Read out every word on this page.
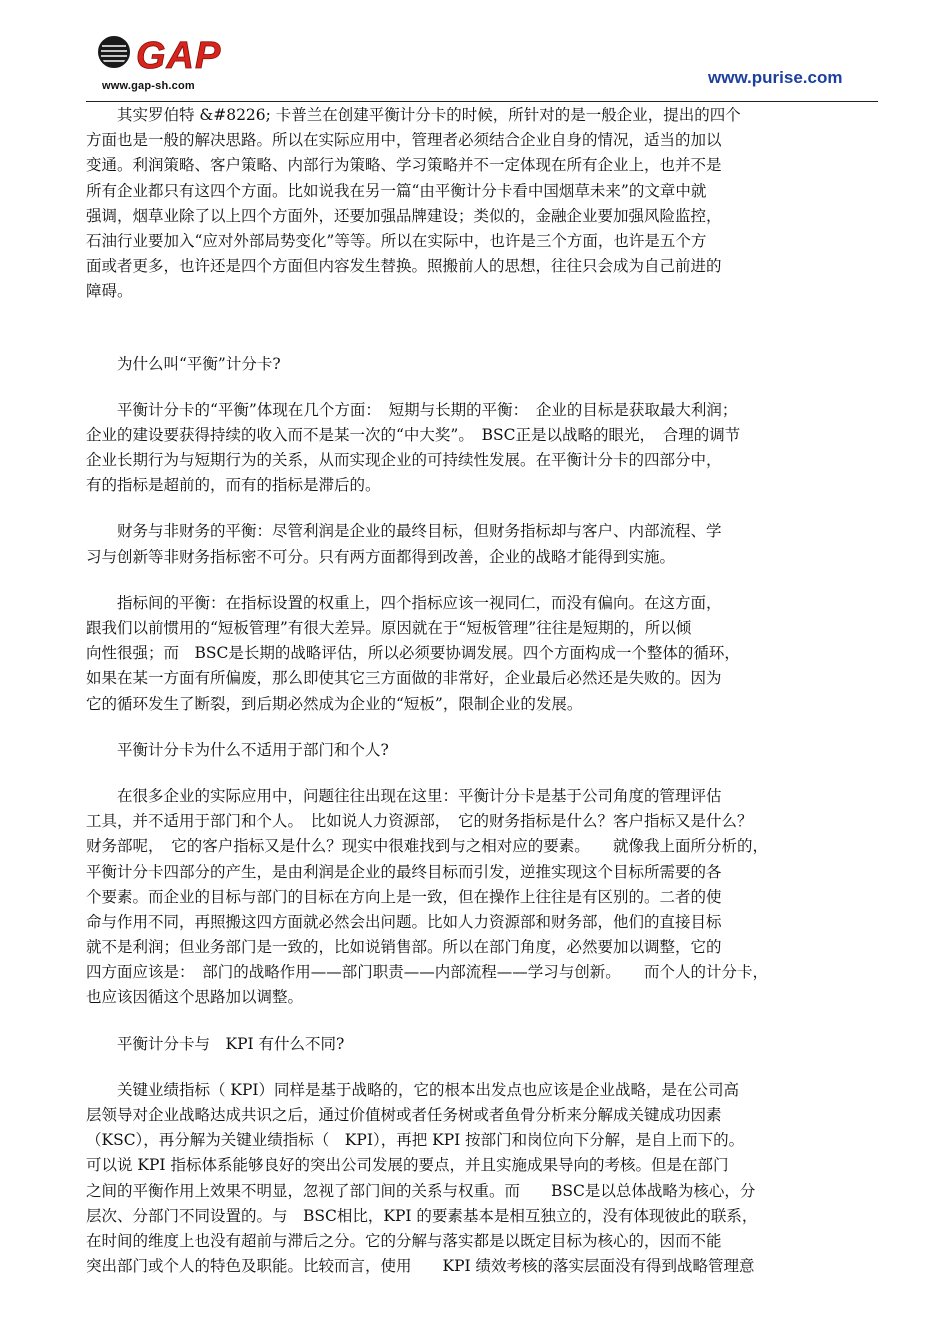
GAP
www.gap-sh.com	www.purise.com
　　其实罗伯特 &#8226; 卡普兰在创建平衡计分卡的时候，所针对的是一般企业，提出的四个
方面也是一般的解决思路。所以在实际应用中，管理者必须结合企业自身的情况，适当的加以
变通。利润策略、客户策略、内部行为策略、学习策略并不一定体现在所有企业上，也并不是
所有企业都只有这四个方面。比如说我在另一篇“由平衡计分卡看中国烟草未来”的文章中就
强调，烟草业除了以上四个方面外，还要加强品牌建设；类似的，金融企业要加强风险监控，
石油行业要加入“应对外部局势变化”等等。所以在实际中，也许是三个方面，也许是五个方
面或者更多，也许还是四个方面但内容发生替换。照搬前人的思想，往往只会成为自己前进的
障碍。
　　为什么叫“平衡”计分卡?
　　平衡计分卡的“平衡”体现在几个方面：　短期与长期的平衡：　企业的目标是获取最大利润；
企业的建设要获得持续的收入而不是某一次的“中大奖”。　BSC正是以战略的眼光，　合理的调节
企业长期行为与短期行为的关系，从而实现企业的可持续性发展。在平衡计分卡的四部分中，
有的指标是超前的，而有的指标是滞后的。
　　财务与非财务的平衡：尽管利润是企业的最终目标，但财务指标却与客户、内部流程、学
习与创新等非财务指标密不可分。只有两方面都得到改善，企业的战略才能得到实施。
　　指标间的平衡：在指标设置的权重上，四个指标应该一视同仁，而没有偏向。在这方面，
跟我们以前惯用的“短板管理”有很大差异。原因就在于“短板管理”往往是短期的，所以倾
向性很强；而　BSC是长期的战略评估，所以必须要协调发展。四个方面构成一个整体的循环，
如果在某一方面有所偏废，那么即使其它三方面做的非常好，企业最后必然还是失败的。因为
它的循环发生了断裂，到后期必然成为企业的“短板”，限制企业的发展。
　　平衡计分卡为什么不适用于部门和个人?
　　在很多企业的实际应用中，问题往往出现在这里：平衡计分卡是基于公司角度的管理评估
工具，并不适用于部门和个人。　比如说人力资源部，　它的财务指标是什么？客户指标又是什么？
财务部呢，　它的客户指标又是什么？现实中很难找到与之相对应的要素。　　就像我上面所分析的，
平衡计分卡四部分的产生，是由利润是企业的最终目标而引发，逆推实现这个目标所需要的各
个要素。而企业的目标与部门的目标在方向上是一致，但在操作上往往是有区别的。二者的使
命与作用不同，再照搬这四方面就必然会出问题。比如人力资源部和财务部，他们的直接目标
就不是利润；但业务部门是一致的，比如说销售部。所以在部门角度，必然要加以调整，它的
四方面应该是：　部门的战略作用——部门职责——内部流程——学习与创新。　　而个人的计分卡，
也应该因循这个思路加以调整。
　　平衡计分卡与　KPI 有什么不同?
　　关键业绩指标（ KPI）同样是基于战略的，它的根本出发点也应该是企业战略，是在公司高
层领导对企业战略达成共识之后，通过价值树或者任务树或者鱼骨分析来分解成关键成功因素
（KSC），再分解为关键业绩指标（　KPI），再把 KPI 按部门和岗位向下分解，是自上而下的。
可以说 KPI 指标体系能够良好的突出公司发展的要点，并且实施成果导向的考核。但是在部门
之间的平衡作用上效果不明显，忽视了部门间的关系与权重。而　　BSC是以总体战略为核心，分
层次、分部门不同设置的。与　BSC相比，KPI 的要素基本是相互独立的，没有体现彼此的联系，
在时间的维度上也没有超前与滞后之分。它的分解与落实都是以既定目标为核心的，因而不能
突出部门或个人的特色及职能。比较而言，使用　　KPI 绩效考核的落实层面没有得到战略管理意
